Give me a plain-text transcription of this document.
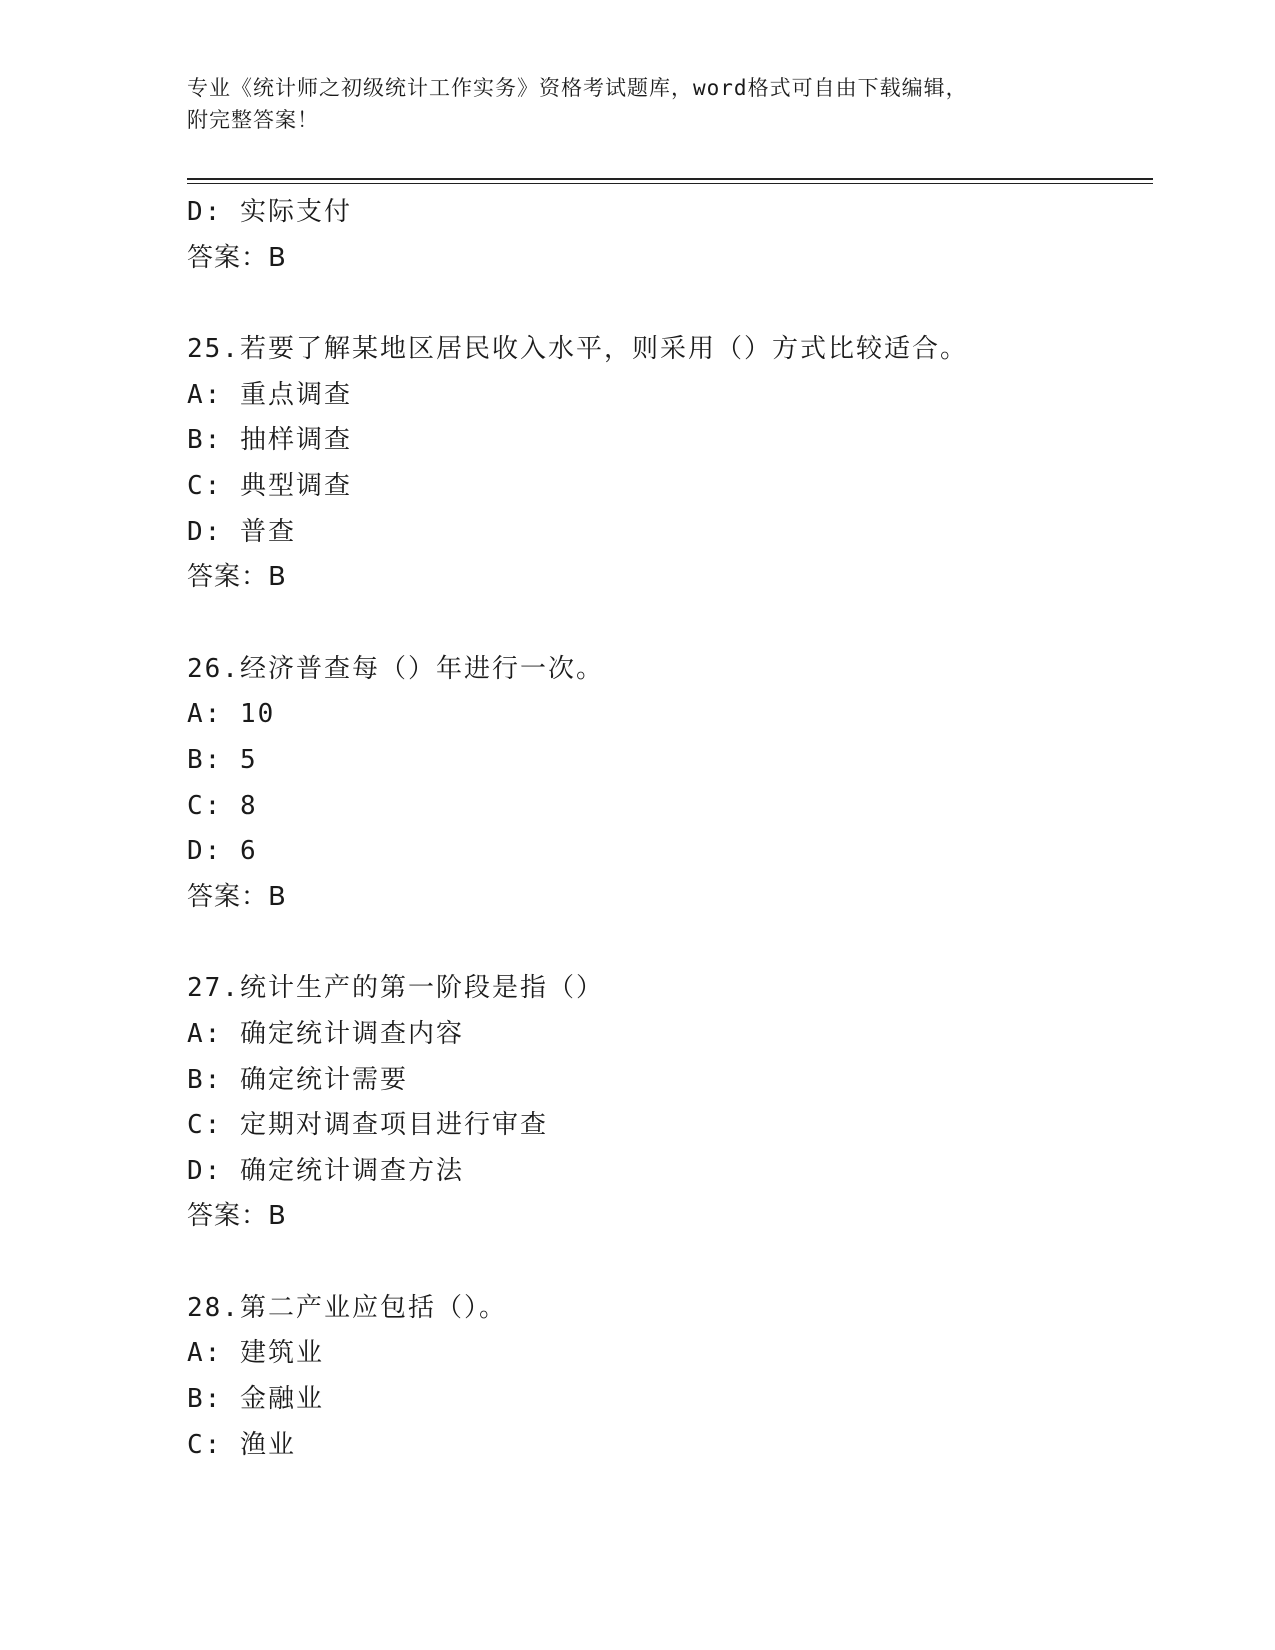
专业《统计师之初级统计工作实务》资格考试题库，word格式可自由下载编辑，
附完整答案！
D: 实际支付
答案：B
25.若要了解某地区居民收入水平，则采用（）方式比较适合。
A: 重点调查
B: 抽样调查
C: 典型调查
D: 普查
答案：B
26.经济普查每（）年进行一次。
A: 10
B: 5
C: 8
D: 6
答案：B
27.统计生产的第一阶段是指（）
A: 确定统计调查内容
B: 确定统计需要
C: 定期对调查项目进行审查
D: 确定统计调查方法
答案：B
28.第二产业应包括（）。
A: 建筑业
B: 金融业
C: 渔业
